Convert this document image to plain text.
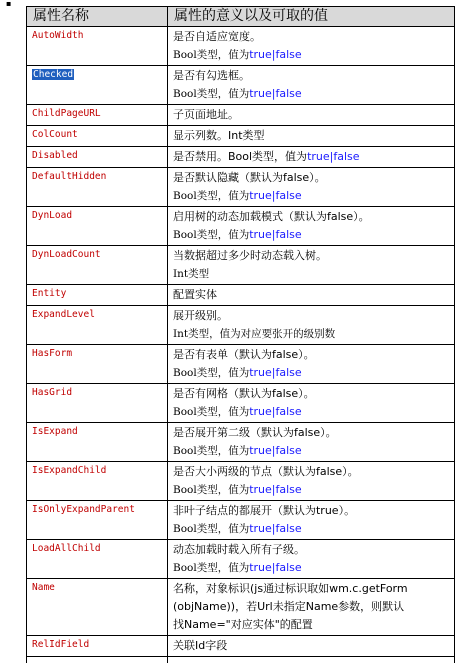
▪
属性名称	属性的意义以及可取的值
AutoWidth	是否自适应宽度。
Bool类型，值为true|false

Checked	是否有勾选框。
Bool类型，值为true|false

ChildPageURL	子页面地址。

ColCount	显示列数。Int类型

Disabled	是否禁用。Bool类型，值为true|false

DefaultHidden	是否默认隐藏（默认为false）。
Bool类型，值为true|false

DynLoad	启用树的动态加载模式（默认为false）。
Bool类型，值为true|false

DynLoadCount	当数据超过多少时动态载入树。
Int类型

Entity	配置实体

ExpandLevel	展开级别。
Int类型，值为对应要张开的级别数

HasForm	是否有表单（默认为false）。
Bool类型，值为true|false

HasGrid	是否有网格（默认为false）。
Bool类型，值为true|false

IsExpand	是否展开第二级（默认为false）。
Bool类型，值为true|false

IsExpandChild	是否大小两级的节点（默认为false）。
Bool类型，值为true|false

IsOnlyExpandParent	非叶子结点的都展开（默认为true）。
Bool类型，值为true|false

LoadAllChild	动态加载时载入所有子级。
Bool类型，值为true|false

Name	名称，对象标识(js通过标识取如wm.c.getForm
(objName))，若Url未指定Name参数，则默认
找Name="对应实体"的配置

RelIdField	关联Id字段
